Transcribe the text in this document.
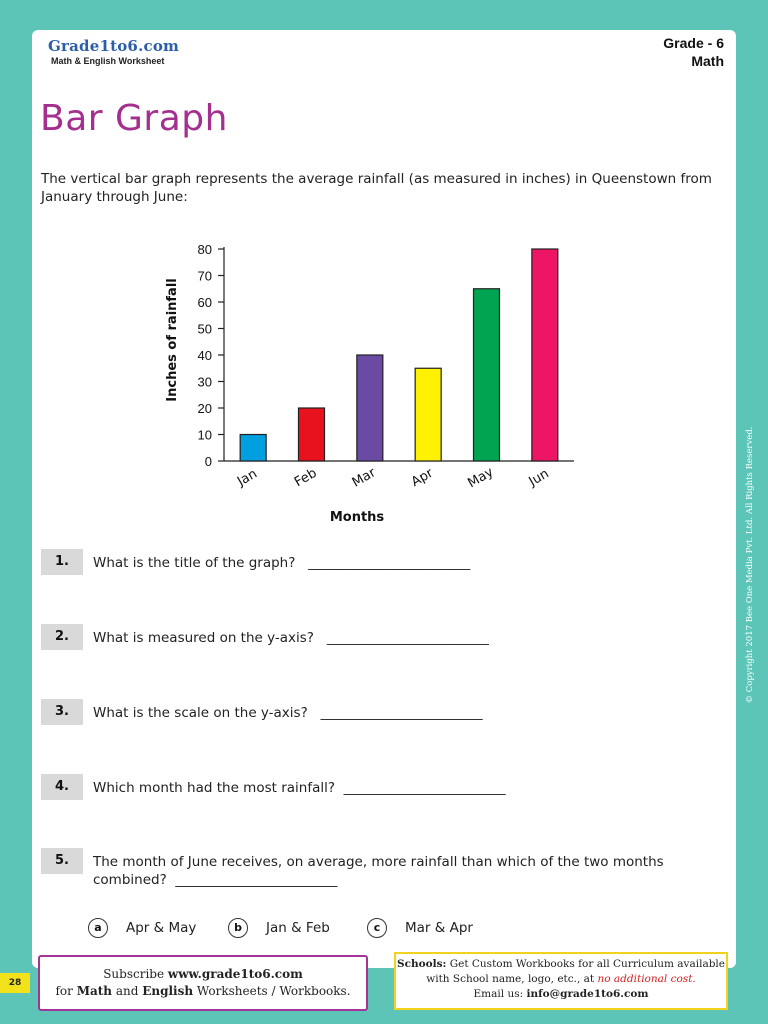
Grade1to6.com
Math & English Worksheet
Grade - 6
Math
Bar Graph
The vertical bar graph represents the average rainfall (as measured in inches) in Queenstown from January through June:
0
10
20
30
40
50
60
70
80
Jan Feb Mar Apr May Jun
Months
Inches of rainfall
1.	What is the title of the graph? ________________________
2.	What is measured on the y-axis? ________________________
3.	What is the scale on the y-axis? ________________________
4.	Which month had the most rainfall? ________________________
5.	The month of June receives, on average, more rainfall than which of the two months combined? ________________________
a	Apr & May	b	Jan & Feb	c	Mar & Apr
© Copyright 2017 Bee One Media Pvt. Ltd. All Rights Reserved.
28
Subscribe www.grade1to6.com
for Math and English Worksheets / Workbooks.
Schools: Get Custom Workbooks for all Curriculum available
with School name, logo, etc., at no additional cost.
Email us: info@grade1to6.com
